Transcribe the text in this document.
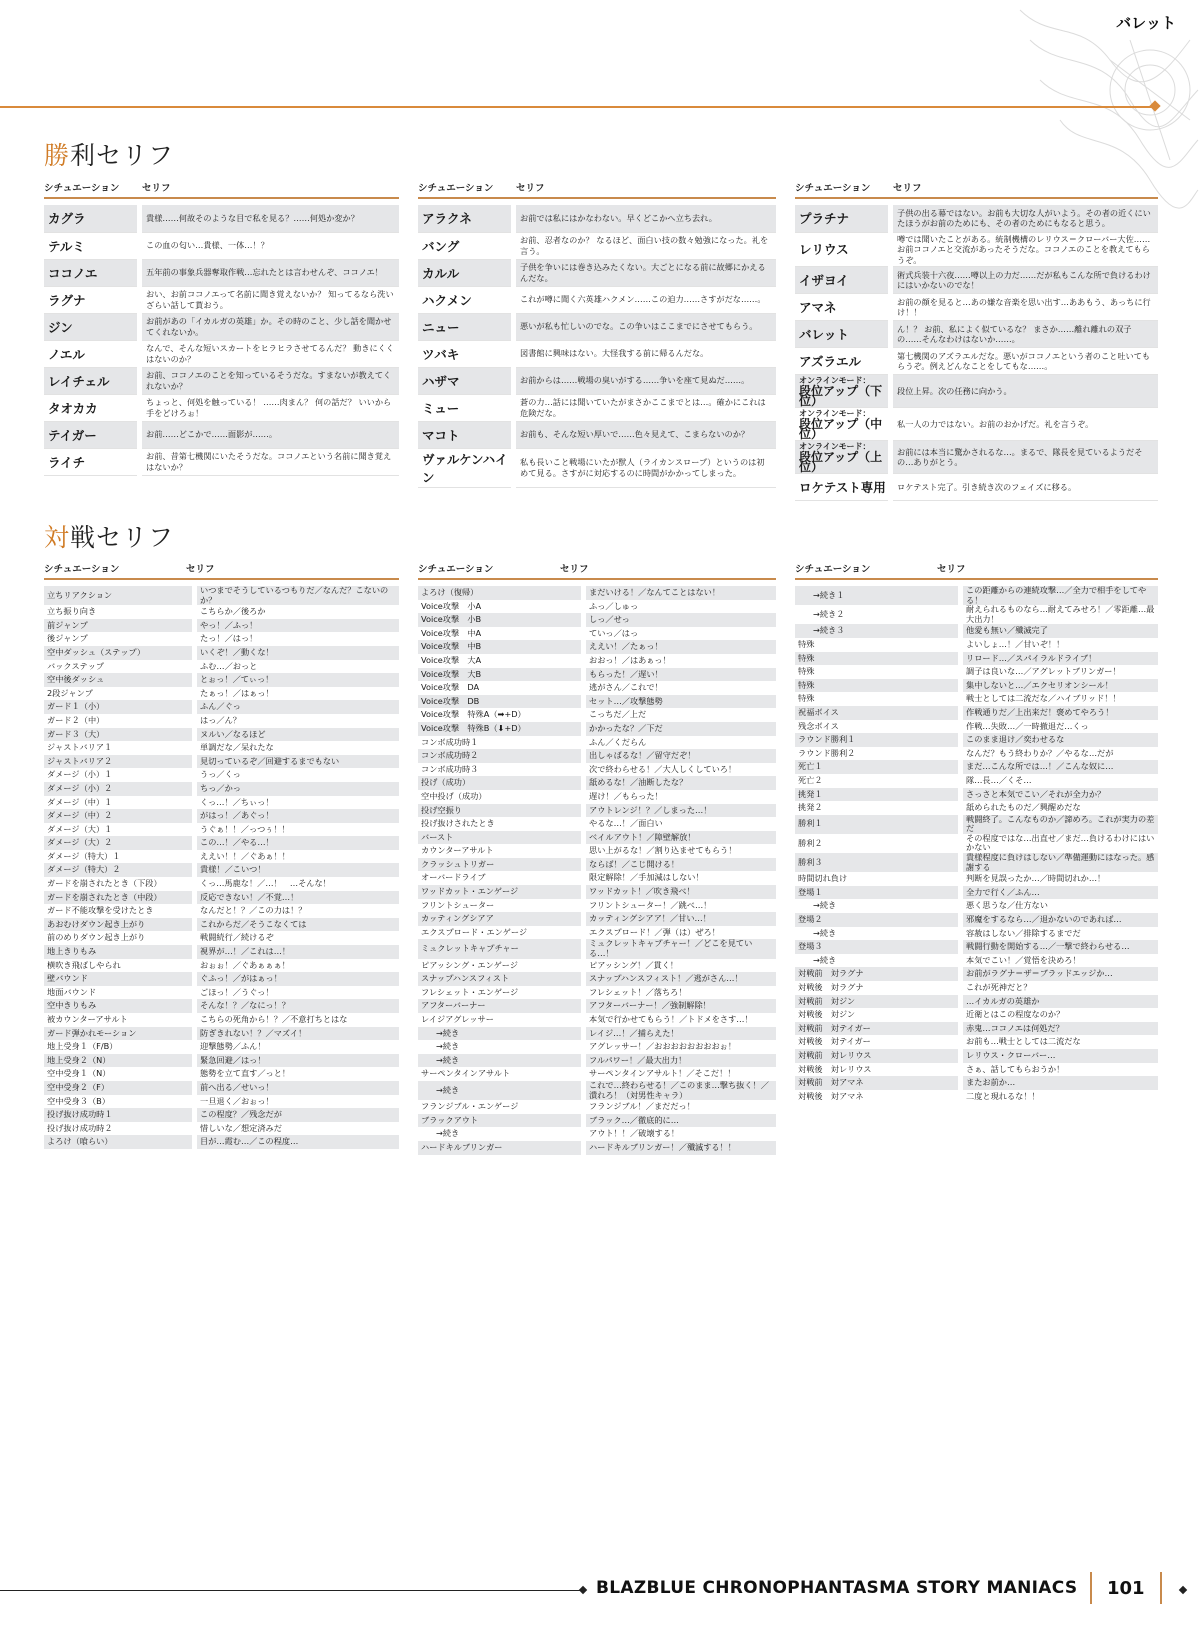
バレット
勝利セリフ
シチュエーション	セリフ
カグラ	貴様……何故そのような目で私を見る？……何処か変か？
テルミ	この血の匂い…貴様、一体…！？
ココノエ	五年前の事象兵器奪取作戦…忘れたとは言わせんぞ、ココノエ！
ラグナ	おい、お前ココノエって名前に聞き覚えないか？ 知ってるなら洗いざらい話して貰おう。
ジン	お前があの「イカルガの英雄」か。その時のこと、少し話を聞かせてくれないか。
ノエル	なんで、そんな短いスカートをヒラヒラさせてるんだ？ 動きにくくはないのか？
レイチェル	お前、ココノエのことを知っているそうだな。すまないが教えてくれないか？
タオカカ	ちょっと、何処を触っている！ ……肉まん？ 何の話だ？ いいから手をどけろぉ！
テイガー	お前……どこかで……面影が……。
ライチ	お前、昔第七機関にいたそうだな。ココノエという名前に聞き覚えはないか？
シチュエーション	セリフ
アラクネ	お前では私にはかなわない。早くどこかへ立ち去れ。
バング	お前、忍者なのか？ なるほど、面白い技の数々勉強になった。礼を言う。
カルル	子供を争いには巻き込みたくない。大ごとになる前に故郷にかえるんだな。
ハクメン	これが噂に聞く六英雄ハクメン……この迫力……さすがだな……。
ニュー	悪いが私も忙しいのでな。この争いはここまでにさせてもらう。
ツバキ	図書館に興味はない。大怪我する前に帰るんだな。
ハザマ	お前からは……戦場の臭いがする……争いを座て見ぬだ……。
ミュー	蒼の力…話には聞いていたがまさかここまでとは…。確かにこれは危険だな。
マコト	お前も、そんな短い厚いで……色々見えて、こまらないのか？
ヴァルケンハイン	私も長いこと戦場にいたが獣人（ライカンスロープ）というのは初めて見る。さすがに対応するのに時間がかかってしまった。
シチュエーション	セリフ
プラチナ	子供の出る幕ではない。お前も大切な人がいよう。その者の近くにいたほうがお前のためにも、その者のためにもなると思う。
レリウス	噂では聞いたことがある。統制機構のレリウス＝クローバー大佐……お前ココノエと交流があったそうだな。ココノエのことを教えてもらうぞ。
イザヨイ	術式兵装十六夜……噂以上の力だ……だが私もこんな所で負けるわけにはいかないのでな！
アマネ	お前の顔を見ると…あの嫌な音楽を思い出す…ああもう、あっちに行け！！
バレット	ん！？ お前、私によく似ているな？ まさか……離れ離れの双子の……そんなわけはないか……。
アズラエル	第七機関のアズラエルだな。悪いがココノエという者のこと吐いてもらうぞ。例えどんなことをしてもな……。
オンラインモード：
段位アップ（下位）	段位上昇。次の任務に向かう。
オンラインモード：
段位アップ（中位）	私一人の力ではない。お前のおかげだ。礼を言うぞ。
オンラインモード：
段位アップ（上位）	お前には本当に驚かされるな…。まるで、隊長を見ているようだその…ありがとう。
ロケテスト専用	ロケテスト完了。引き続き次のフェイズに移る。
対戦セリフ
シチュエーション	セリフ
立ちリアクション	いつまでそうしているつもりだ／なんだ？こないのか？
立ち振り向き	こちらか／後ろか
前ジャンプ	やっ！／ふっ！
後ジャンプ	たっ！／はっ！
空中ダッシュ（ステップ）	いくぞ！／動くな！
バックステップ	ふむ…／おっと
空中後ダッシュ	とぉっ！／てぃっ！
2段ジャンプ	たぁっ！／はぁっ！
ガード１（小）	ふん／ぐっ
ガード２（中）	はっ／ん？
ガード３（大）	ヌルい／なるほど
ジャストバリア１	単調だな／呆れたな
ジャストバリア２	見切っているぞ／回避するまでもない
ダメージ（小）１	うっ／くっ
ダメージ（小）２	ちっ／かっ
ダメージ（中）１	くっ…！／ちぃっ！
ダメージ（中）２	がはっ！／あぐっ！
ダメージ（大）１	うぐぁ！！／っつぅ！！
ダメージ（大）２	この…！／やる…！
ダメージ（特大）１	ええい！！／ぐあぁ！！
ダメージ（特大）２	貴様！／こいつ！
ガードを崩されたとき（下段）	くっ…馬鹿な！／…！　…そんな！
ガードを崩されたとき（中段）	反応できない！／不覚…！
ガード不能攻撃を受けたとき	なんだと！？／この力は！？
あおむけダウン起き上がり	これからだ／そうこなくては
前のめりダウン起き上がり	戦闘続行／続けるぞ
地上きりもみ	視界が…！／これは…！
横吹き飛ばしやられ	おぉぉ！／ぐあぁぁぁ！
壁バウンド	ぐふっ！／がはぁっ！
地面バウンド	ごほっ！／うぐっ！
空中きりもみ	そんな！？／なにっ！？
被カウンターアサルト	こちらの死角から！？／不意打ちとはな
ガード弾かれモーション	防ぎきれない！？／マズイ！
地上受身１（F/B）	迎撃態勢／ふん！
地上受身２（N）	緊急回避／はっ！
空中受身１（N）	態勢を立て直す／っと！
空中受身２（F）	前へ出る／せいっ！
空中受身３（B）	一旦退く／おぉっ！
投げ抜け成功時１	この程度？／残念だが
投げ抜け成功時２	惜しいな／想定済みだ
よろけ（喰らい）	目が…霞む…／この程度…
シチュエーション	セリフ
よろけ（復帰）	まだいける！／なんてことはない！
Voice攻撃　小A	ふっ／しゅっ
Voice攻撃　小B	しっ／せっ
Voice攻撃　中A	ていっ／はっ
Voice攻撃　中B	ええい！／たぁっ！
Voice攻撃　大A	おおっ！／はあぁっ！
Voice攻撃　大B	もらった！／遅い！
Voice攻撃　DA	逃がさん／これで！
Voice攻撃　DB	セット…／攻撃態勢
Voice攻撃　特殊A（➡+D）	こっちだ／上だ
Voice攻撃　特殊B（⬇+D）	かかったな？／下だ
コンボ成功時１	ふん／くだらん
コンボ成功時２	出しゃばるな！／留守だぞ！
コンボ成功時３	次で終わらせる！／大人しくしていろ！
投げ（成功）	舐めるな！／油断したな？
空中投げ（成功）	遅け！／もらった！
投げ空振り	アウトレンジ！？／しまった…！
投げ抜けされたとき	やるな…！／面白い
バースト	ベイルアウト！／障壁解放！
カウンターアサルト	思い上がるな！／割り込ませてもらう！
クラッシュトリガー	ならば！／こじ開ける！
オーバードライブ	限定解除！／手加減はしない！
ワッドカット・エンゲージ	ワッドカット！／吹き飛べ！
フリントシューター	フリントシューター！／跳べ…！
カッティングシアア	カッティングシアア！／甘い…！
エクスプロード・エンゲージ	エクスプロード！／弾（は）ぜろ！
ミュクレットキャプチャー	ミュクレットキャプチャー！／どこを見ている…！
ピアッシング・エンゲージ	ピアッシング！／貫く！
スナップハンスフィスト	スナップハンスフィスト！／逃がさん…！
フレシェット・エンゲージ	フレシェット！／落ちろ！
アフターバーナー	アフターバーナー！／強制解除！
レイジアグレッサー	本気で行かせてもらう！／トドメをさす…！
→続き	レイジ…！／捕らえた！
→続き	アグレッサー！／おおおおおおおおぉ！
→続き	フルパワー！／最大出力！
サーペンタインアサルト	サーペンタインアサルト！／そこだ！！
→続き	これで…終わらせる！／このまま…撃ち抜く！／潰れろ！（対男性キャラ）
フランジブル・エンゲージ	フランジブル！／まだだっ！
ブラックアウト	ブラック…／徹底的に…
→続き	アウト！！／破壊する！
ハードキルブリンガー	ハードキルブリンガー！／殲滅する！！
シチュエーション	セリフ
→続き１	この距離からの連続攻撃…／全力で相手をしてやる！
→続き２	耐えられるものなら…耐えてみせろ！／零距離…最大出力！
→続き３	他愛も無い／殲滅完了
特殊	よいしょ…！／甘いぞ！！
特殊	リロード…／スパイラルドライブ！
特殊	調子は良いな…／アグレットブリンガー！
特殊	集中しないと…／エクセリオンシール！
特殊	戦士としては二流だな／ハイブリッド！！
祝福ボイス	作戦通りだ／上出来だ！褒めてやろう！
残念ボイス	作戦…失敗…／一時撤退だ…くっ
ラウンド勝利１	このまま退け／奕わせるな
ラウンド勝利２	なんだ？もう終わりか？／やるな…だが
死亡１	まだ…こんな所では…！／こんな奴に…
死亡２	隊…長…／くそ…
挑発１	さっさと本気でこい／それが全力か？
挑発２	舐められたものだ／興醒めだな
勝利１	戦闘終了。こんなものか／諦めろ。これが実力の差だ
勝利２	その程度ではな…出直せ／まだ…負けるわけにはいかない
勝利３	貴様程度に負けはしない／準備運動にはなった。感謝する
時間切れ負け	判断を見誤ったか…／時間切れか…！
登場１	全力で行く／ふん…
→続き	悪く思うな／仕方ない
登場２	邪魔をするなら…／退かないのであれば…
→続き	容赦はしない／排除するまでだ
登場３	戦闘行動を開始する…／一撃で終わらせる…
→続き	本気でこい！／覚悟を決めろ！
対戦前　対ラグナ	お前がラグナ＝ザ＝ブラッドエッジか…
対戦後　対ラグナ	これが死神だと？
対戦前　対ジン	…イカルガの英雄か
対戦後　対ジン	近衛とはこの程度なのか？
対戦前　対テイガー	赤鬼…ココノエは何処だ？
対戦後　対テイガー	お前も…戦士としては二流だな
対戦前　対レリウス	レリウス・クローバー…
対戦後　対レリウス	さぁ、話してもらおうか！
対戦前　対アマネ	またお前か…
対戦後　対アマネ	二度と現れるな！！
BLAZBLUE CHRONOPHANTASMA STORY MANIACS 101
